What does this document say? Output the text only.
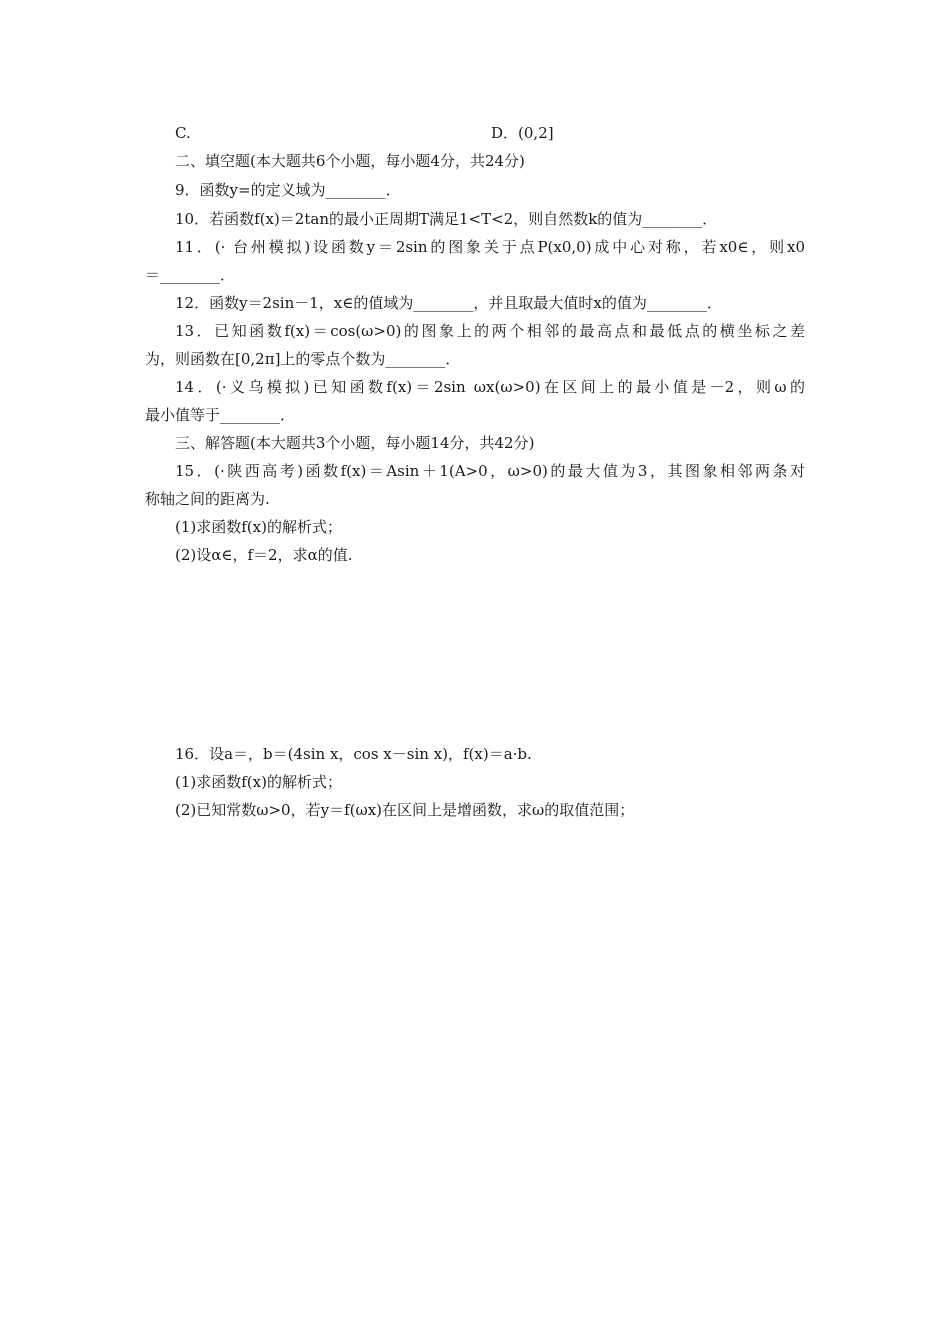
C.	D．(0,2]
二、填空题(本大题共6个小题，每小题4分，共24分)
9．函数y=的定义域为________．
10．若函数f(x)＝2tan的最小正周期T满足1<T<2，则自然数k的值为________．
11．(· 台州模拟)设函数y＝2sin的图象关于点P(x0,0)成中心对称，若x0∈，则x0
＝________．
12．函数y＝2sin－1，x∈的值域为________，并且取最大值时x的值为________．
13．已知函数f(x)＝cos(ω>0)的图象上的两个相邻的最高点和最低点的横坐标之差
为，则函数在[0,2π]上的零点个数为________．
14．(·义乌模拟)已知函数f(x)＝2sin ωx(ω>0)在区间上的最小值是－2，则ω的
最小值等于________．
三、解答题(本大题共3个小题，每小题14分，共42分)
15．(·陕西高考)函数f(x)＝Asin＋1(A>0，ω>0)的最大值为3，其图象相邻两条对
称轴之间的距离为.
(1)求函数f(x)的解析式；
(2)设α∈，f＝2，求α的值.
16．设a＝，b＝(4sin x，cos x－sin x)，f(x)＝a·b.
(1)求函数f(x)的解析式；
(2)已知常数ω>0，若y＝f(ωx)在区间上是增函数，求ω的取值范围；
